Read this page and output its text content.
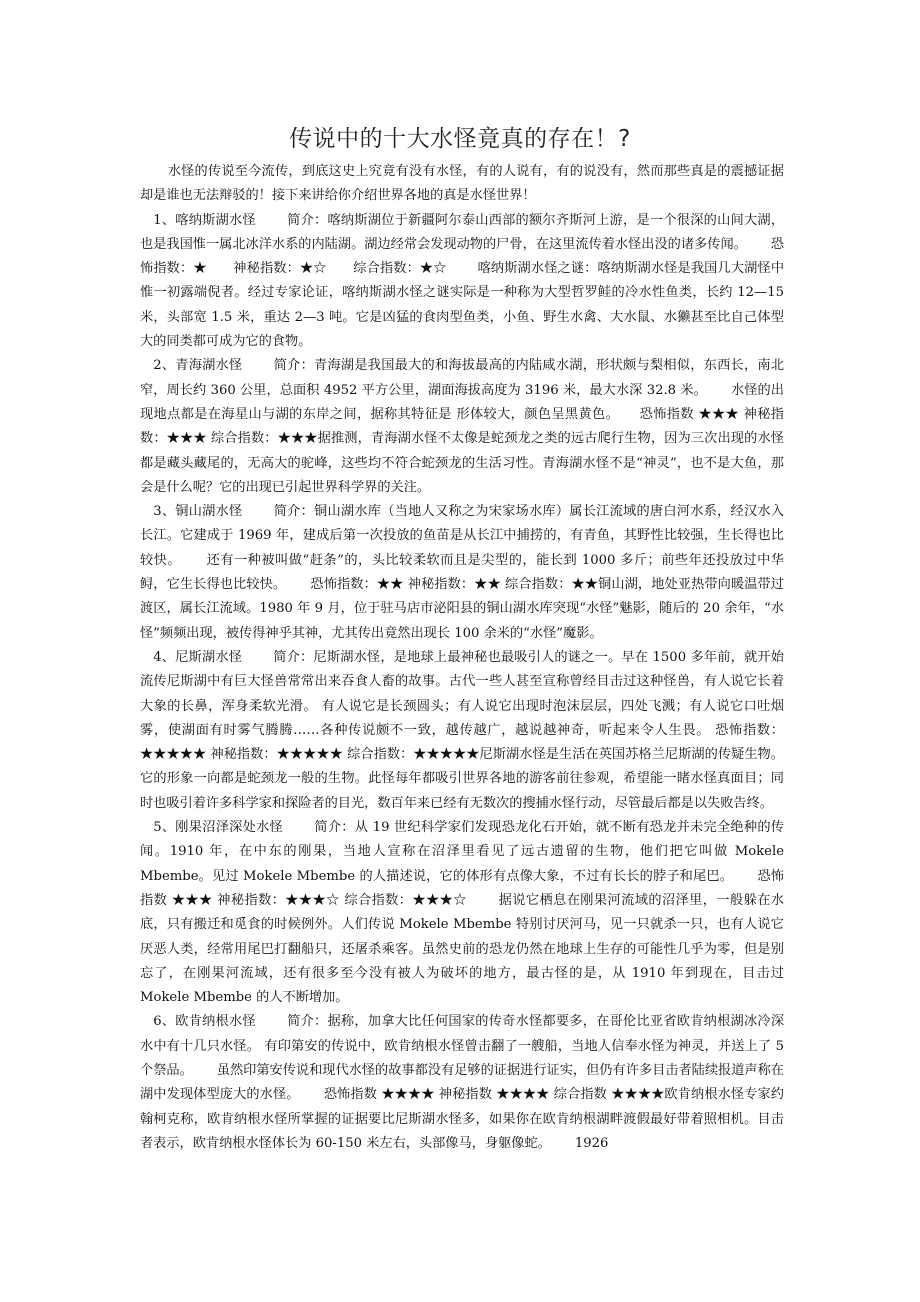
传说中的十大水怪竟真的存在！?

水怪的传说至今流传，到底这史上究竟有没有水怪，有的人说有，有的说没有，然而那些真是的震撼证据却是谁也无法辩驳的！接下来讲给你介绍世界各地的真是水怪世界！

1、喀纳斯湖水怪　　 简介：喀纳斯湖位于新疆阿尔泰山西部的额尔齐斯河上游，是一个很深的山间大湖，也是我国惟一属北冰洋水系的内陆湖。湖边经常会发现动物的尸骨，在这里流传着水怪出没的诸多传闻。　　 恐怖指数：★　　神秘指数：★☆　　综合指数：★☆　　 喀纳斯湖水怪之谜：喀纳斯湖水怪是我国几大湖怪中惟一初露端倪者。经过专家论证，喀纳斯湖水怪之谜实际是一种称为大型哲罗鲑的冷水性鱼类，长约 12—15 米，头部宽 1.5 米，重达 2—3 吨。它是凶猛的食肉型鱼类，小鱼、野生水禽、大水鼠、水獭甚至比自己体型大的同类都可成为它的食物。

2、青海湖水怪　　 简介：青海湖是我国最大的和海拔最高的内陆咸水湖，形状颇与梨相似，东西长，南北窄，周长约 360 公里，总面积 4952 平方公里，湖面海拔高度为 3196 米，最大水深 32.8 米。　　 水怪的出现地点都是在海星山与湖的东岸之间，据称其特征是 形体较大，颜色呈黑黄色。　　恐怖指数 ★★★ 神秘指数：★★★ 综合指数：★★★据推测，青海湖水怪不太像是蛇颈龙之类的远古爬行生物，因为三次出现的水怪都是藏头藏尾的，无高大的驼峰，这些均不符合蛇颈龙的生活习性。青海湖水怪不是“神灵”，也不是大鱼，那会是什么呢？它的出现已引起世界科学界的关注。

3、铜山湖水怪　　 简介：铜山湖水库（当地人又称之为宋家场水库）属长江流域的唐白河水系，经汉水入长江。它建成于 1969 年，建成后第一次投放的鱼苗是从长江中捕捞的，有青鱼，其野性比较强，生长得也比较快。　　 还有一种被叫做“赶条”的，头比较柔软而且是尖型的，能长到 1000 多斤；前些年还投放过中华鲟，它生长得也比较快。　　 恐怖指数：★★ 神秘指数：★★ 综合指数：★★铜山湖，地处亚热带向暖温带过渡区，属长江流域。1980 年 9 月，位于驻马店市泌阳县的铜山湖水库突现“水怪”魅影，随后的 20 余年，“水怪”频频出现，被传得神乎其神，尤其传出竟然出现长 100 余米的“水怪”魔影。

4、尼斯湖水怪　　 简介：尼斯湖水怪，是地球上最神秘也最吸引人的谜之一。早在 1500 多年前，就开始流传尼斯湖中有巨大怪兽常常出来吞食人畜的故事。古代一些人甚至宣称曾经目击过这种怪兽，有人说它长着大象的长鼻，浑身柔软光滑。 有人说它是长颈圆头；有人说它出现时泡沫层层，四处飞溅；有人说它口吐烟雾，使湖面有时雾气腾腾……各种传说颇不一致，越传越广，越说越神奇，听起来令人生畏。 恐怖指数：★★★★★ 神秘指数：★★★★★ 综合指数：★★★★★尼斯湖水怪是生活在英国苏格兰尼斯湖的传疑生物。它的形象一向都是蛇颈龙一般的生物。此怪每年都吸引世界各地的游客前往参观，希望能一睹水怪真面目；同时也吸引着许多科学家和探险者的目光，数百年来已经有无数次的搜捕水怪行动，尽管最后都是以失败告终。

5、刚果沼泽深处水怪　　 简介：从 19 世纪科学家们发现恐龙化石开始，就不断有恐龙并未完全绝种的传闻。1910 年，在中东的刚果，当地人宣称在沼泽里看见了远古遗留的生物，他们把它叫做 Mokele Mbembe。见过 Mokele Mbembe 的人描述说，它的体形有点像大象，不过有长长的脖子和尾巴。　　 恐怖指数 ★★★ 神秘指数：★★★☆ 综合指数：★★★☆　　 据说它栖息在刚果河流域的沼泽里，一般躲在水底，只有搬迁和觅食的时候例外。人们传说 Mokele Mbembe 特别讨厌河马，见一只就杀一只，也有人说它厌恶人类，经常用尾巴打翻船只，还屠杀乘客。虽然史前的恐龙仍然在地球上生存的可能性几乎为零，但是别忘了，在刚果河流域，还有很多至今没有被人为破坏的地方，最古怪的是，从 1910 年到现在，目击过 Mokele Mbembe 的人不断增加。

6、欧肯纳根水怪　　 简介：据称，加拿大比任何国家的传奇水怪都要多，在哥伦比亚省欧肯纳根湖冰冷深水中有十几只水怪。 有印第安的传说中，欧肯纳根水怪曾击翻了一艘船，当地人信奉水怪为神灵，并送上了 5 个祭品。　　 虽然印第安传说和现代水怪的故事都没有足够的证据进行证实，但仍有许多目击者陆续报道声称在湖中发现体型庞大的水怪。　　 恐怖指数 ★★★★ 神秘指数 ★★★★ 综合指数 ★★★★欧肯纳根水怪专家约翰柯克称，欧肯纳根水怪所掌握的证据要比尼斯湖水怪多，如果你在欧肯纳根湖畔渡假最好带着照相机。目击者表示，欧肯纳根水怪体长为 60-150 米左右，头部像马，身躯像蛇。　　 1926
